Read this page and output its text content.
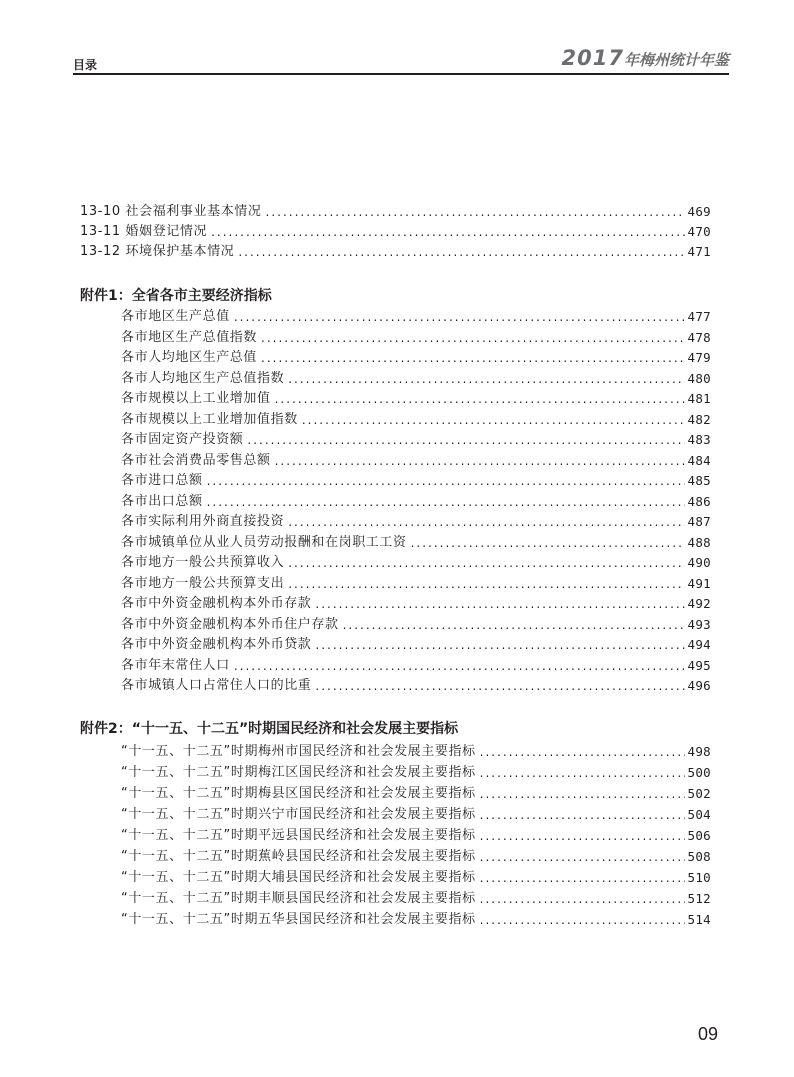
目录	2017年梅州统计年鉴
13-10 社会福利事业基本情况 .....	469
13-11 婚姻登记情况 .....	470
13-12 环境保护基本情况 .....	471
附件1：全省各市主要经济指标
各市地区生产总值 .....	477
各市地区生产总值指数 .....	478
各市人均地区生产总值 .....	479
各市人均地区生产总值指数 .....	480
各市规模以上工业增加值 .....	481
各市规模以上工业增加值指数 .....	482
各市固定资产投资额 .....	483
各市社会消费品零售总额 .....	484
各市进口总额 .....	485
各市出口总额 .....	486
各市实际利用外商直接投资 .....	487
各市城镇单位从业人员劳动报酬和在岗职工工资 .....	488
各市地方一般公共预算收入 .....	490
各市地方一般公共预算支出 .....	491
各市中外资金融机构本外币存款 .....	492
各市中外资金融机构本外币住户存款 .....	493
各市中外资金融机构本外币贷款 .....	494
各市年末常住人口 .....	495
各市城镇人口占常住人口的比重 .....	496
附件2：“十一五、十二五”时期国民经济和社会发展主要指标
“十一五、十二五”时期梅州市国民经济和社会发展主要指标 .....	498
“十一五、十二五”时期梅江区国民经济和社会发展主要指标 .....	500
“十一五、十二五”时期梅县区国民经济和社会发展主要指标 .....	502
“十一五、十二五”时期兴宁市国民经济和社会发展主要指标 .....	504
“十一五、十二五”时期平远县国民经济和社会发展主要指标 .....	506
“十一五、十二五”时期蕉岭县国民经济和社会发展主要指标 .....	508
“十一五、十二五”时期大埔县国民经济和社会发展主要指标 .....	510
“十一五、十二五”时期丰顺县国民经济和社会发展主要指标 .....	512
“十一五、十二五”时期五华县国民经济和社会发展主要指标 .....	514
09
